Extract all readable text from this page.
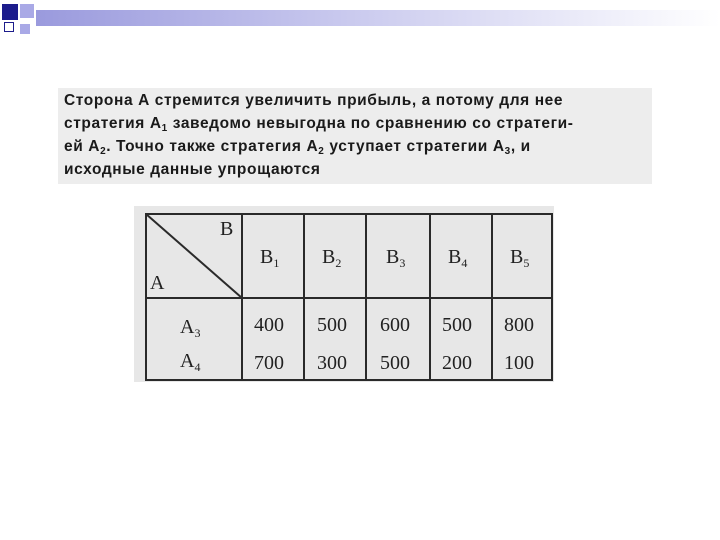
Сторона А стремится увеличить прибыль, а потому для нее
стратегия $А_1$ заведомо невыгодна по сравнению со стратеги-
ей $А_2$. Точно также стратегия $А_2$ уступает стратегии $А_3$, и
исходные данные упрощаются
В
А
$В_1$ $В_2$ $В_3$ $В_4$ $В_5$
$А_3$
$А_4$
400 500 600 500 800
700 300 500 200 100
